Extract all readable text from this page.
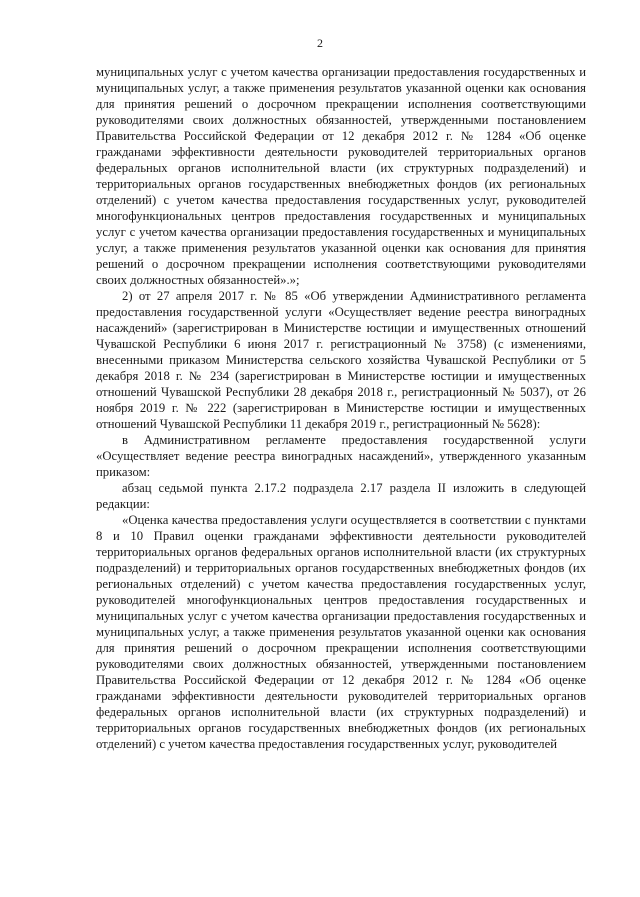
2

муниципальных услуг с учетом качества организации предоставления государственных и муниципальных услуг, а также применения результатов указанной оценки как основания для принятия решений о досрочном прекращении исполнения соответствующими руководителями своих должностных обязанностей, утвержденными постановлением Правительства Российской Федерации от 12 декабря 2012 г. № 1284 «Об оценке гражданами эффективности деятельности руководителей территориальных органов федеральных органов исполнительной власти (их структурных подразделений) и территориальных органов государственных внебюджетных фондов (их региональных отделений) с учетом качества предоставления государственных услуг, руководителей многофункциональных центров предоставления государственных и муниципальных услуг с учетом качества организации предоставления государственных и муниципальных услуг, а также применения результатов указанной оценки как основания для принятия решений о досрочном прекращении исполнения соответствующими руководителями своих должностных обязанностей».»;

2) от 27 апреля 2017 г. № 85 «Об утверждении Административного регламента предоставления государственной услуги «Осуществляет ведение реестра виноградных насаждений» (зарегистрирован в Министерстве юстиции и имущественных отношений Чувашской Республики 6 июня 2017 г. регистрационный № 3758) (с изменениями, внесенными приказом Министерства сельского хозяйства Чувашской Республики от 5 декабря 2018 г. № 234 (зарегистрирован в Министерстве юстиции и имущественных отношений Чувашской Республики 28 декабря 2018 г., регистрационный № 5037), от 26 ноября 2019 г. № 222 (зарегистрирован в Министерстве юстиции и имущественных отношений Чувашской Республики 11 декабря 2019 г., регистрационный № 5628):

в Административном регламенте предоставления государственной услуги «Осуществляет ведение реестра виноградных насаждений», утвержденного указанным приказом:

абзац седьмой пункта 2.17.2 подраздела 2.17 раздела II изложить в следующей редакции:

«Оценка качества предоставления услуги осуществляется в соответствии с пунктами 8 и 10 Правил оценки гражданами эффективности деятельности руководителей территориальных органов федеральных органов исполнительной власти (их структурных подразделений) и территориальных органов государственных внебюджетных фондов (их региональных отделений) с учетом качества предоставления государственных услуг, руководителей многофункциональных центров предоставления государственных и муниципальных услуг с учетом качества организации предоставления государственных и муниципальных услуг, а также применения результатов указанной оценки как основания для принятия решений о досрочном прекращении исполнения соответствующими руководителями своих должностных обязанностей, утвержденными постановлением Правительства Российской Федерации от 12 декабря 2012 г. № 1284 «Об оценке гражданами эффективности деятельности руководителей территориальных органов федеральных органов исполнительной власти (их структурных подразделений) и территориальных органов государственных внебюджетных фондов (их региональных отделений) с учетом качества предоставления государственных услуг, руководителей
